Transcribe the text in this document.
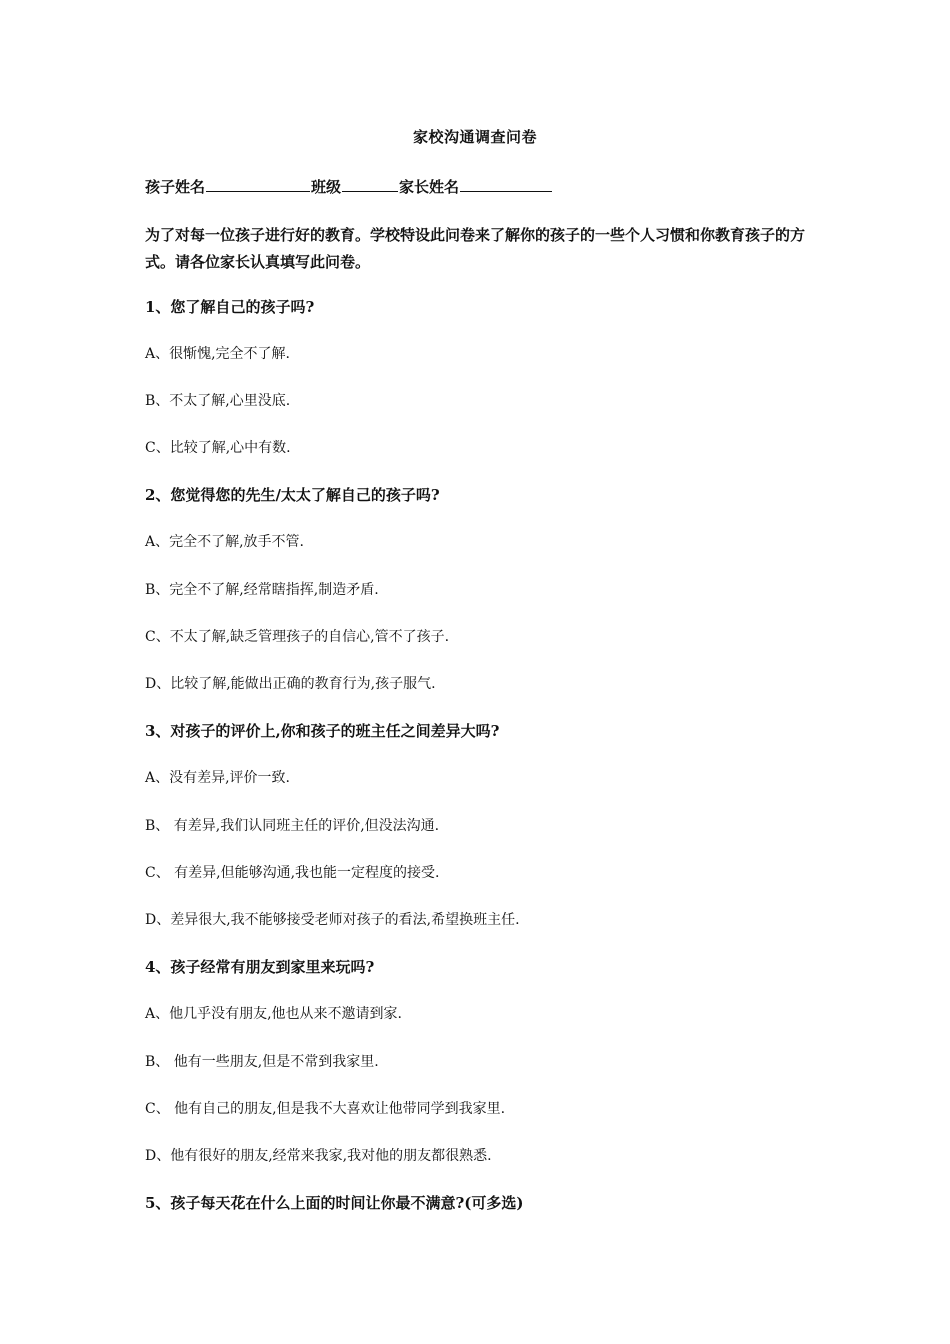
家校沟通调查问卷

孩子姓名	班级	家长姓名

为了对每一位孩子进行好的教育。学校特设此问卷来了解你的孩子的一些个人习惯和你教育孩子的方式。请各位家长认真填写此问卷。

1、您了解自己的孩子吗?

A、很惭愧,完全不了解.

B、不太了解,心里没底.

C、比较了解,心中有数.

2、您觉得您的先生/太太了解自己的孩子吗?

A、完全不了解,放手不管.

B、完全不了解,经常瞎指挥,制造矛盾.

C、不太了解,缺乏管理孩子的自信心,管不了孩子.

D、比较了解,能做出正确的教育行为,孩子服气.

3、对孩子的评价上,你和孩子的班主任之间差异大吗?

A、没有差异,评价一致.

B、 有差异,我们认同班主任的评价,但没法沟通.

C、 有差异,但能够沟通,我也能一定程度的接受.

D、差异很大,我不能够接受老师对孩子的看法,希望换班主任.

4、孩子经常有朋友到家里来玩吗?

A、他几乎没有朋友,他也从来不邀请到家.

B、 他有一些朋友,但是不常到我家里.

C、 他有自己的朋友,但是我不大喜欢让他带同学到我家里.

D、他有很好的朋友,经常来我家,我对他的朋友都很熟悉.

5、孩子每天花在什么上面的时间让你最不满意?(可多选)
